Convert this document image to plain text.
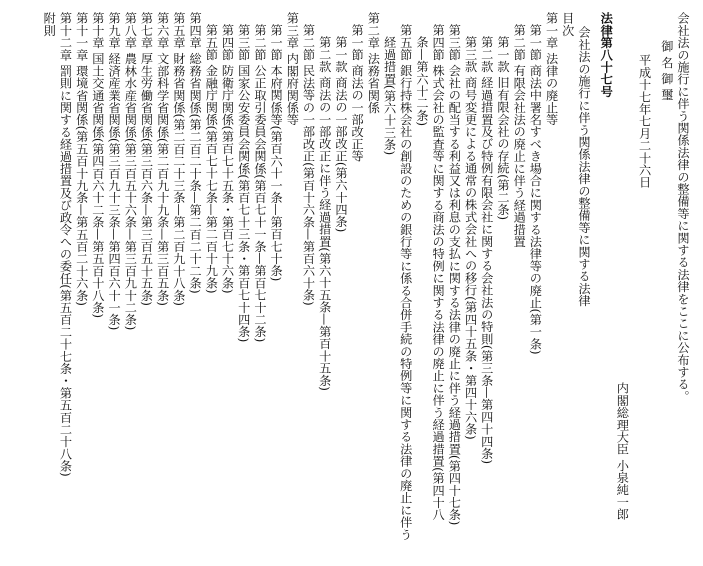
会社法の施行に伴う関係法律の整備等に関する法律をここに公布する。
御 名 御 璽
平成十七年七月二十六日
内閣総理大臣 小泉純一郎
法律第八十七号
会社法の施行に伴う関係法律の整備等に関する法律
目次
第一章 法律の廃止等
第一節 商法中署名すべき場合に関する法律等の廃止(第一条)
第二節 有限会社法の廃止に伴う経過措置
第一款 旧有限会社の存続(第二条)
第二款 経過措置及び特例有限会社に関する会社法の特則(第三条—第四十四条)
第三款 商号変更による通常の株式会社への移行(第四十五条・第四十六条)
第三節 会社の配当する利益又は利息の支払に関する法律の廃止に伴う経過措置(第四十七条)
第四節 株式会社の監査等に関する商法の特例に関する法律の廃止に伴う経過措置(第四十八
条—第六十二条)
第五節 銀行持株会社の創設のための銀行等に係る合併手続の特例等に関する法律の廃止に伴う
経過措置(第六十三条)
第二章 法務省関係
第一節 商法の一部改正等
第一款 商法の一部改正(第六十四条)
第二款 商法の一部改正に伴う経過措置(第六十五条—第百十五条)
第二節 民法等の一部改正(第百十六条—第百六十条)
第三章 内閣府関係等
第一節 本府関係等(第百六十一条—第百七十条)
第二節 公正取引委員会関係(第百七十一条—第百七十二条)
第三節 国家公安委員会関係(第百七十三条・第百七十四条)
第四節 防衛庁関係(第百七十五条・第百七十六条)
第五節 金融庁関係(第百七十七条—第二百十九条)
第四章 総務省関係(第二百二十条—第二百二十二条)
第五章 財務省関係(第二百二十三条—第二百九十八条)
第六章 文部科学省関係(第二百九十九条—第三百五条)
第七章 厚生労働省関係(第三百六条—第三百五十五条)
第八章 農林水産省関係(第三百五十六条—第三百九十二条)
第九章 経済産業省関係(第三百九十三条—第四百六十一条)
第十章 国土交通省関係(第四百六十二条—第五百十八条)
第十一章 環境省関係(第五百十九条—第五百二十六条)
第十二章 罰則に関する経過措置及び政令への委任(第五百二十七条・第五百二十八条)
附則
